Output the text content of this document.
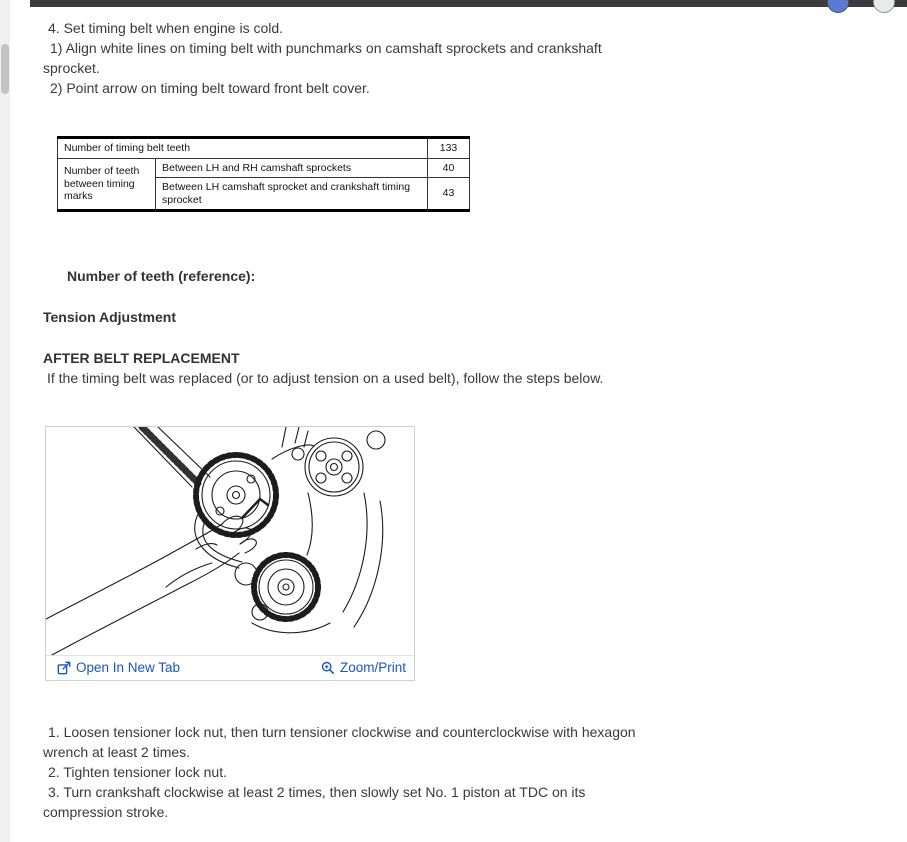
4. Set timing belt when engine is cold.

1) Align white lines on timing belt with punchmarks on camshaft sprockets and crankshaft sprocket.

2) Point arrow on timing belt toward front belt cover.

Number of timing belt teeth		133
Number of teeth between timing marks	Between LH and RH camshaft sprockets	40
	Between LH camshaft sprocket and crankshaft timing sprocket	43

Number of teeth (reference):

Tension Adjustment

AFTER BELT REPLACEMENT

If the timing belt was replaced (or to adjust tension on a used belt), follow the steps below.

Open In New Tab	Zoom/Print

1. Loosen tensioner lock nut, then turn tensioner clockwise and counterclockwise with hexagon wrench at least 2 times.

2. Tighten tensioner lock nut.

3. Turn crankshaft clockwise at least 2 times, then slowly set No. 1 piston at TDC on its compression stroke.
